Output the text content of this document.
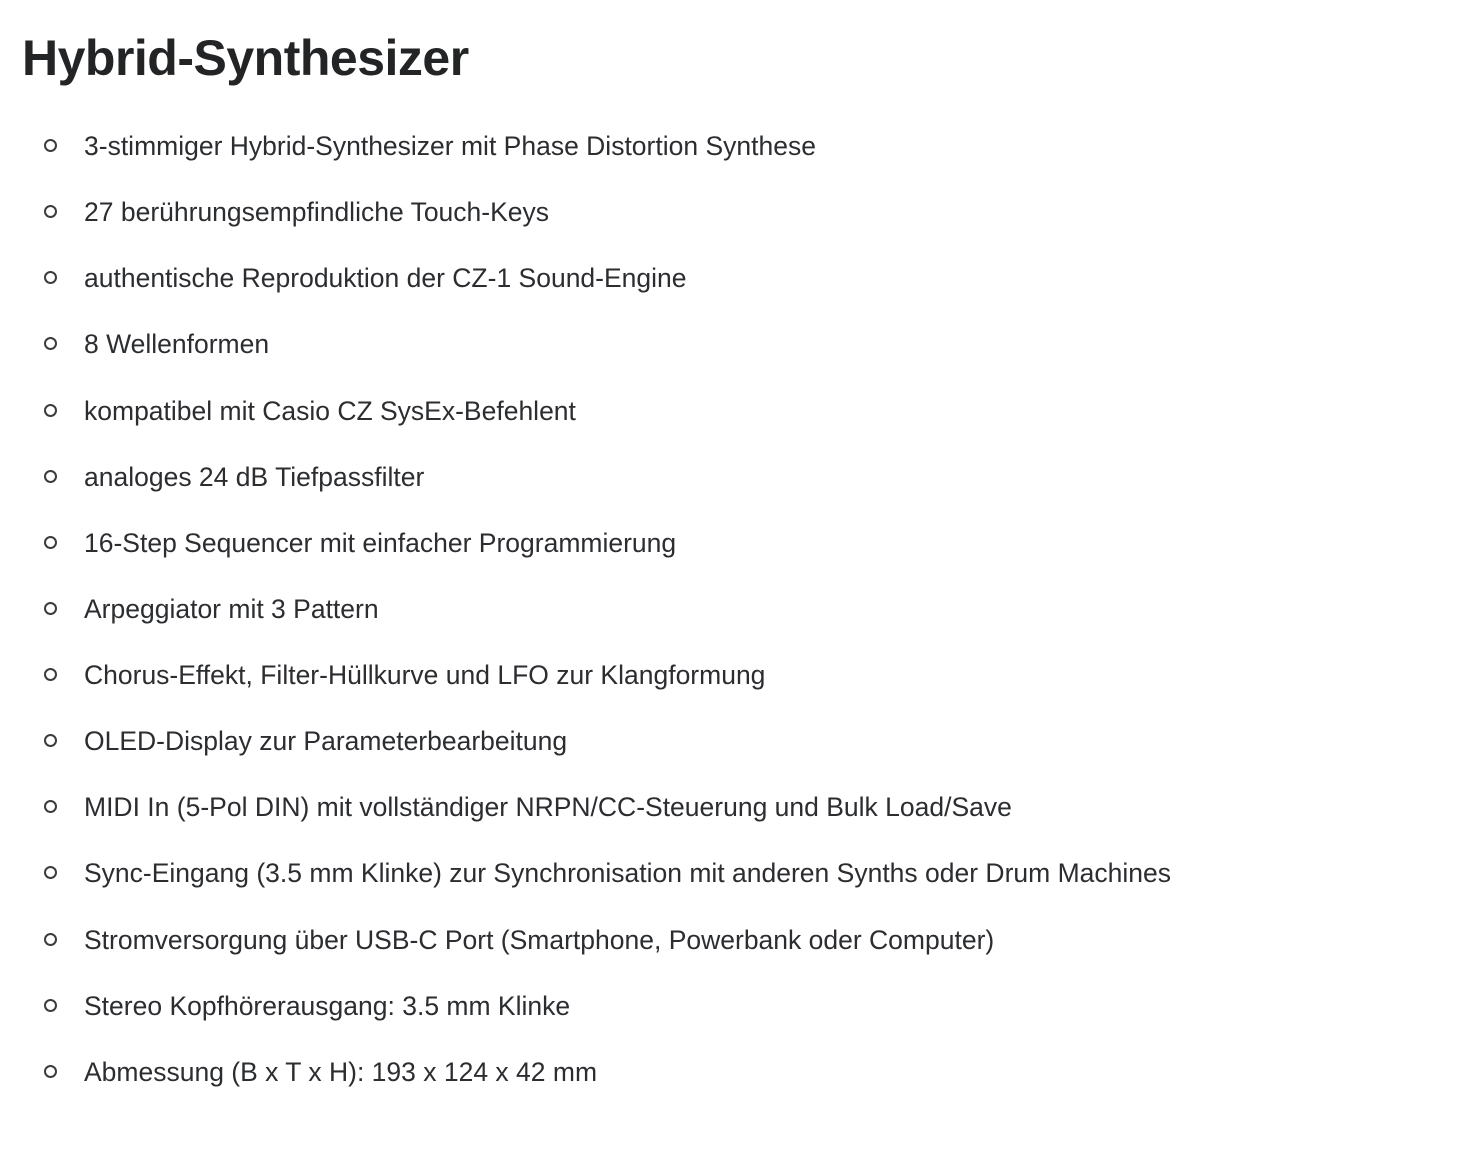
Hybrid-Synthesizer
3-stimmiger Hybrid-Synthesizer mit Phase Distortion Synthese
27 berührungsempfindliche Touch-Keys
authentische Reproduktion der CZ-1 Sound-Engine
8 Wellenformen
kompatibel mit Casio CZ SysEx-Befehlent
analoges 24 dB Tiefpassfilter
16-Step Sequencer mit einfacher Programmierung
Arpeggiator mit 3 Pattern
Chorus-Effekt, Filter-Hüllkurve und LFO zur Klangformung
OLED-Display zur Parameterbearbeitung
MIDI In (5-Pol DIN) mit vollständiger NRPN/CC-Steuerung und Bulk Load/Save
Sync-Eingang (3.5 mm Klinke) zur Synchronisation mit anderen Synths oder Drum Machines
Stromversorgung über USB-C Port (Smartphone, Powerbank oder Computer)
Stereo Kopfhörerausgang: 3.5 mm Klinke
Abmessung (B x T x H): 193 x 124 x 42 mm
